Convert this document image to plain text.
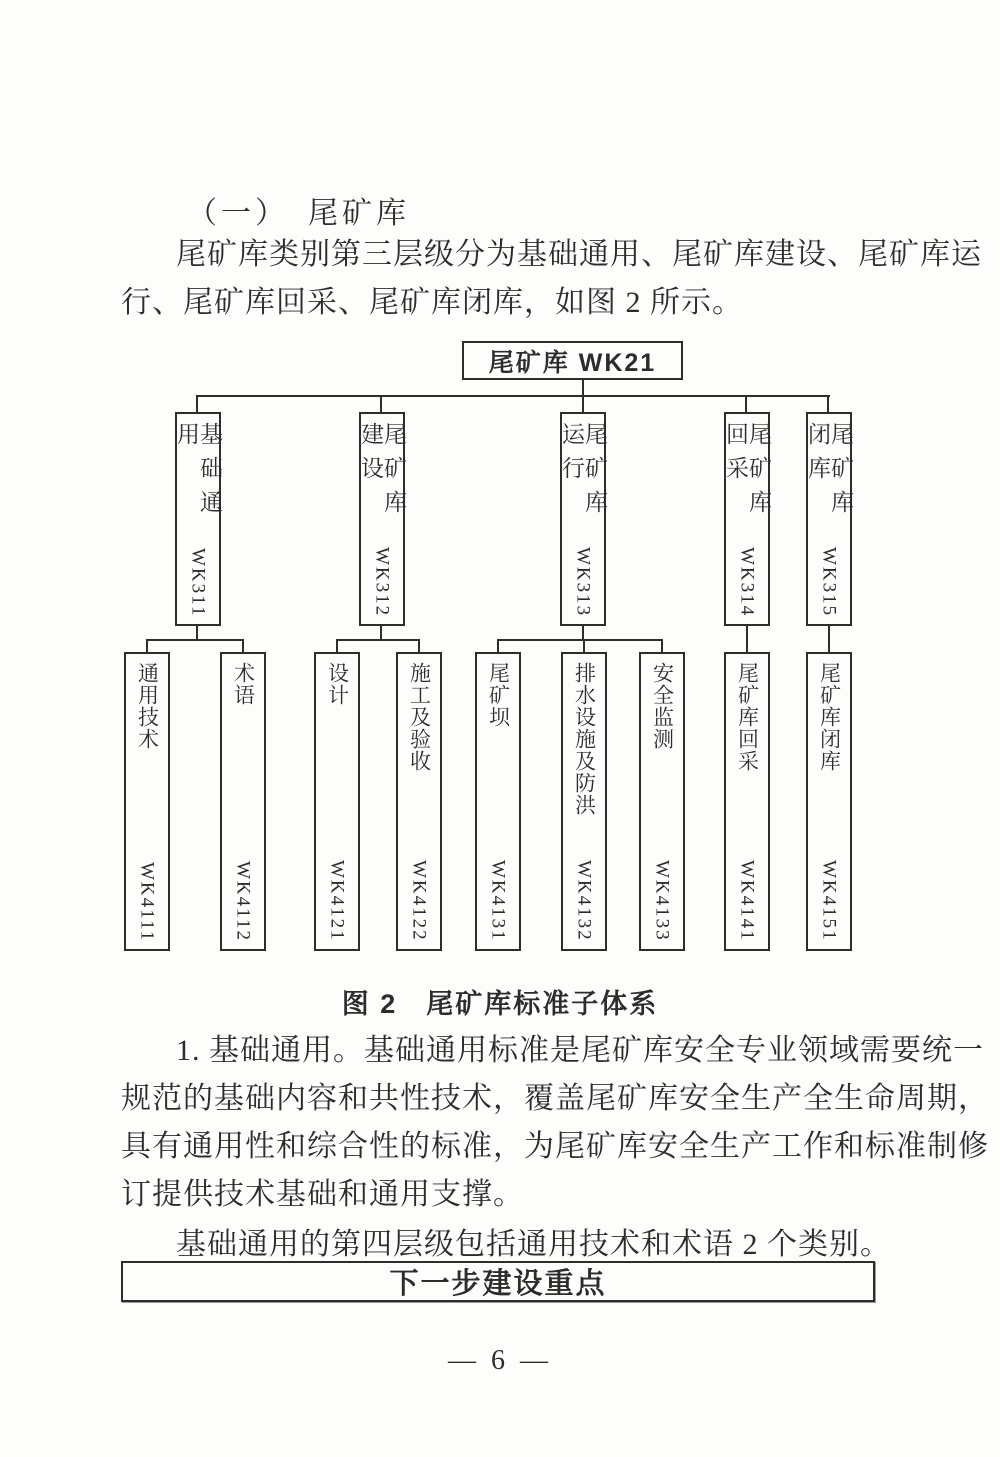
（一）　尾矿库
尾矿库类别第三层级分为基础通用、尾矿库建设、尾矿库运
行、尾矿库回采、尾矿库闭库，如图 2 所示。
尾矿库 WK21
基础通用
WK311
尾矿库建设
WK312
尾矿库运行
WK313
尾矿库回采
WK314
尾矿库闭库
WK315
通用技术
WK4111
术语
WK4112
设计
WK4121
施工及验收
WK4122
尾矿坝
WK4131
排水设施及防洪
WK4132
安全监测
WK4133
尾矿库回采
WK4141
尾矿库闭库
WK4151
图 2　尾矿库标准子体系
1. 基础通用。基础通用标准是尾矿库安全专业领域需要统一
规范的基础内容和共性技术，覆盖尾矿库安全生产全生命周期，
具有通用性和综合性的标准，为尾矿库安全生产工作和标准制修
订提供技术基础和通用支撑。
基础通用的第四层级包括通用技术和术语 2 个类别。
下一步建设重点
— 6 —
